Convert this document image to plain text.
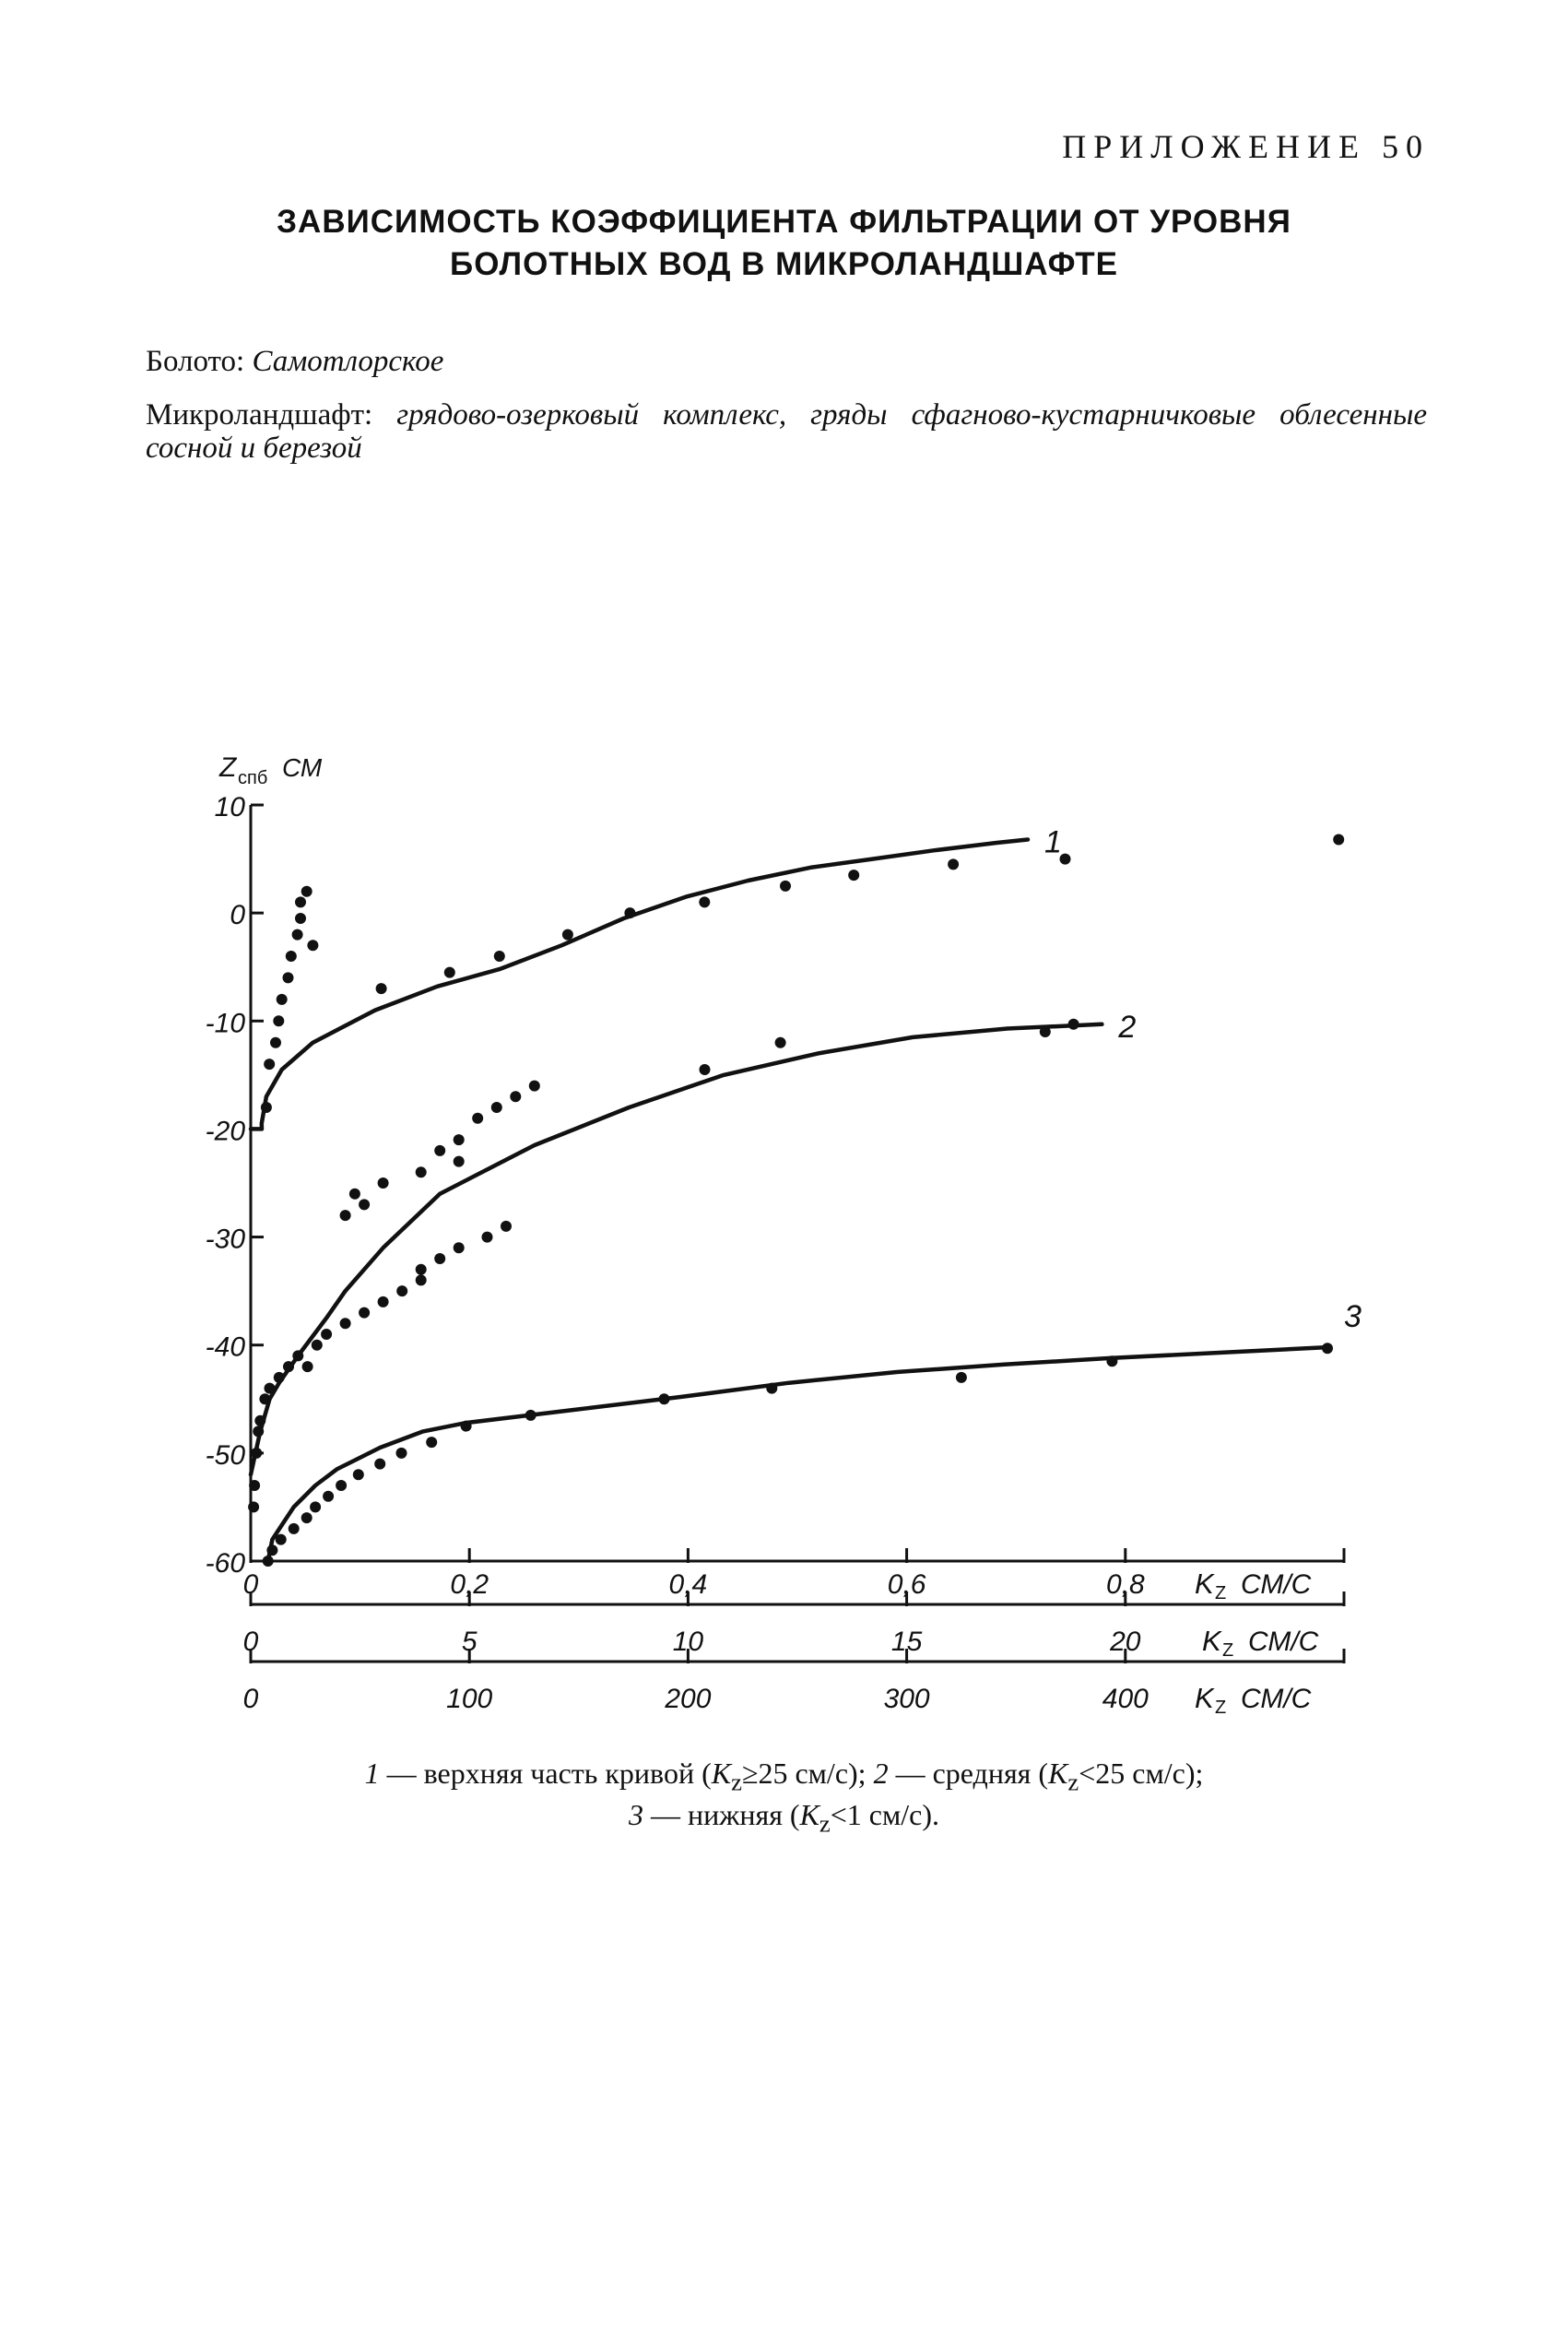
ПРИЛОЖЕНИЕ 50
ЗАВИСИМОСТЬ КОЭФФИЦИЕНТА ФИЛЬТРАЦИИ ОТ УРОВНЯ
БОЛОТНЫХ ВОД В МИКРОЛАНДШАФТЕ
Болото: Самотлорское
Микроландшафт: грядово-озерковый комплекс, гряды сфагново-кустарничковые облесенные сосной и березой
10
0
-10
-20
-30
-40
-50
-60
Z спб СМ
0	0,2	0,4	0,6	0,8 K Z СМ/С
0	5	10	15	20 K Z СМ/С
0	100	200	300	400 K Z СМ/С
1
2
3
1 — верхняя часть кривой ($K_z\ge 25$ см/с); 2 — средняя ($K_z<25$ см/с);
3 — нижняя ($K_z<1$ см/с).
